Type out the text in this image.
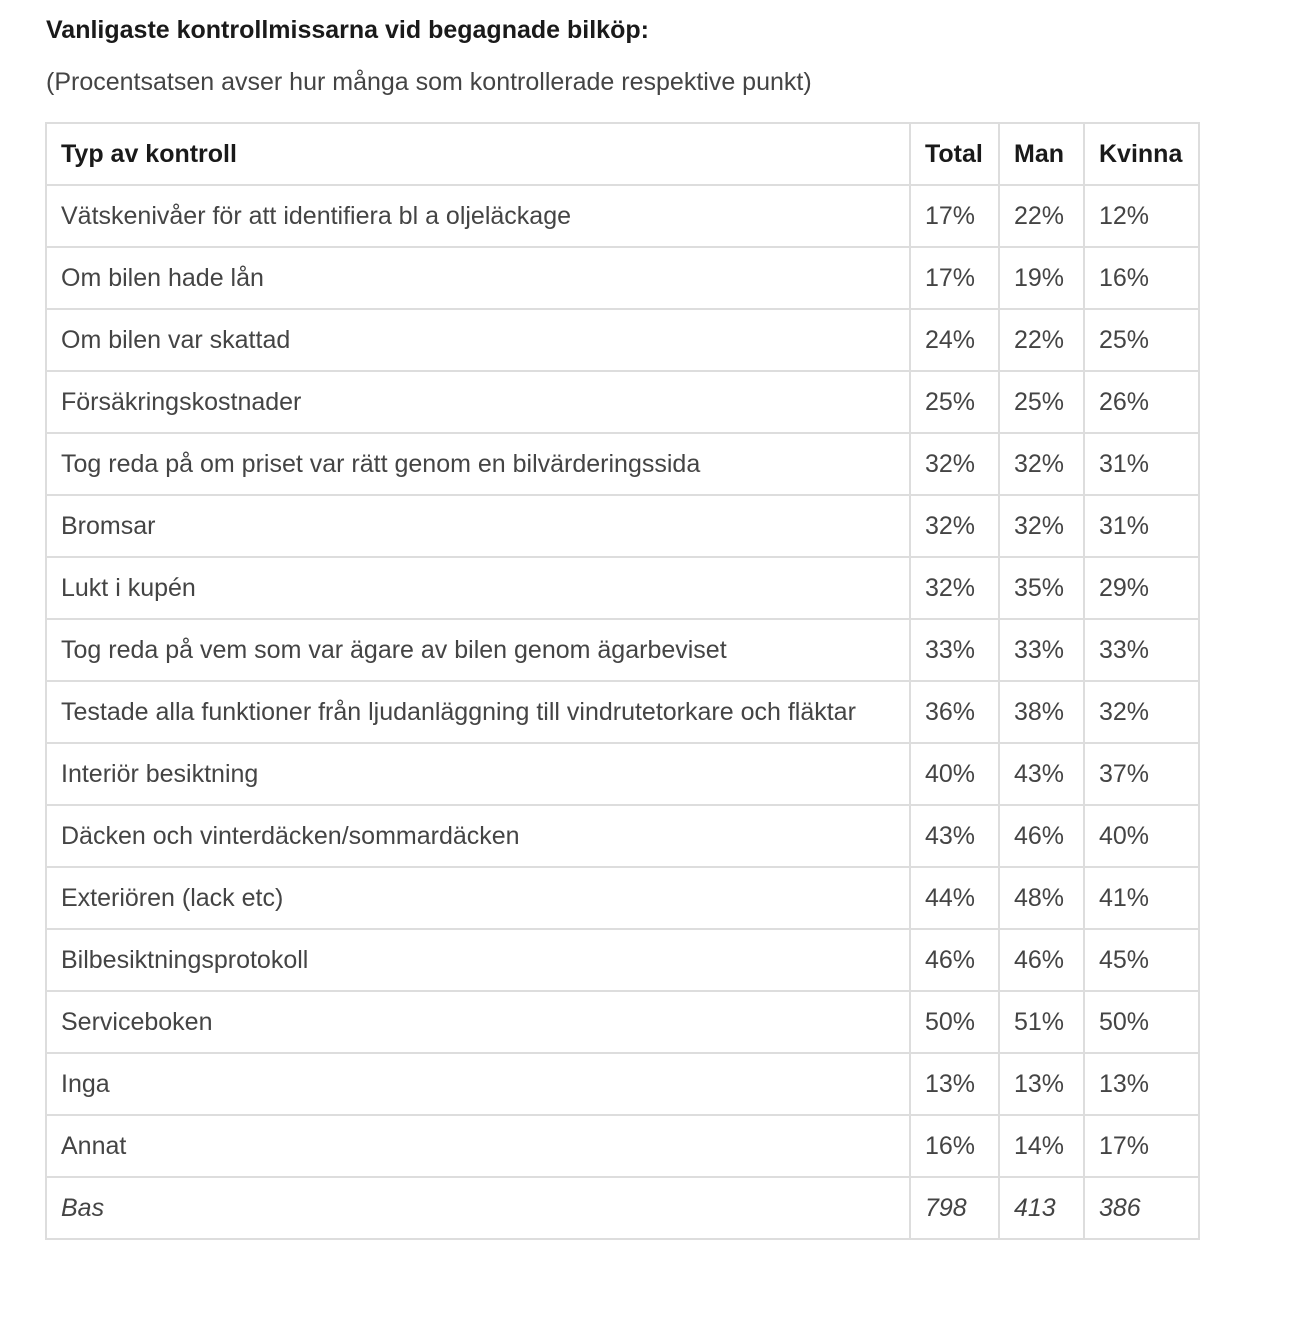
Vanligaste kontrollmissarna vid begagnade bilköp:

(Procentsatsen avser hur många som kontrollerade respektive punkt)

Typ av kontroll	Total	Man	Kvinna
Vätskenivåer för att identifiera bl a oljeläckage	17%	22%	12%
Om bilen hade lån	17%	19%	16%
Om bilen var skattad	24%	22%	25%
Försäkringskostnader	25%	25%	26%
Tog reda på om priset var rätt genom en bilvärderingssida	32%	32%	31%
Bromsar	32%	32%	31%
Lukt i kupén	32%	35%	29%
Tog reda på vem som var ägare av bilen genom ägarbeviset	33%	33%	33%
Testade alla funktioner från ljudanläggning till vindrutetorkare och fläktar	36%	38%	32%
Interiör besiktning	40%	43%	37%
Däcken och vinterdäcken/sommardäcken	43%	46%	40%
Exteriören (lack etc)	44%	48%	41%
Bilbesiktningsprotokoll	46%	46%	45%
Serviceboken	50%	51%	50%
Inga	13%	13%	13%
Annat	16%	14%	17%
Bas	798	413	386
